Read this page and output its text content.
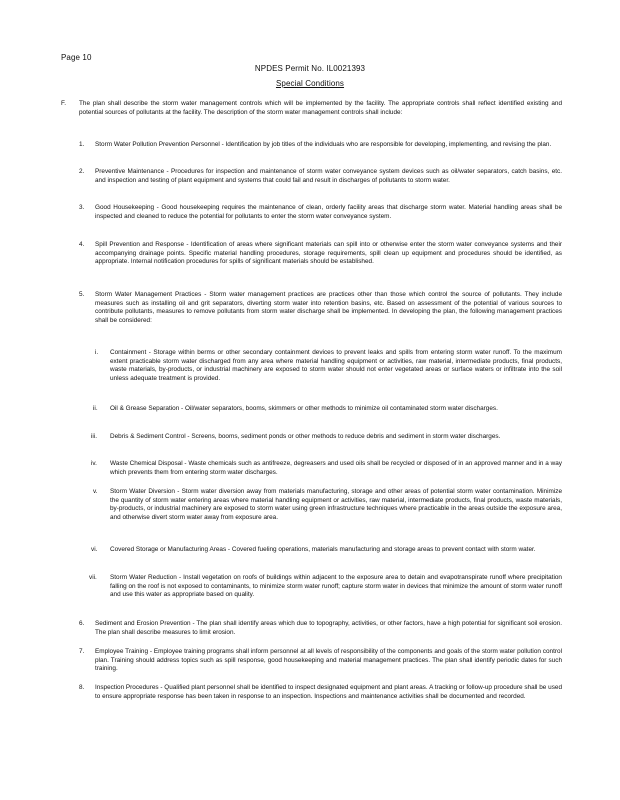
Page 10
NPDES Permit No. IL0021393
Special Conditions
F. The plan shall describe the storm water management controls which will be implemented by the facility. The appropriate controls shall reflect identified existing and potential sources of pollutants at the facility. The description of the storm water management controls shall include:
1. Storm Water Pollution Prevention Personnel - Identification by job titles of the individuals who are responsible for developing, implementing, and revising the plan.
2. Preventive Maintenance - Procedures for inspection and maintenance of storm water conveyance system devices such as oil/water separators, catch basins, etc. and inspection and testing of plant equipment and systems that could fail and result in discharges of pollutants to storm water.
3. Good Housekeeping - Good housekeeping requires the maintenance of clean, orderly facility areas that discharge storm water. Material handling areas shall be inspected and cleaned to reduce the potential for pollutants to enter the storm water conveyance system.
4. Spill Prevention and Response - Identification of areas where significant materials can spill into or otherwise enter the storm water conveyance systems and their accompanying drainage points. Specific material handling procedures, storage requirements, spill clean up equipment and procedures should be identified, as appropriate. Internal notification procedures for spills of significant materials should be established.
5. Storm Water Management Practices - Storm water management practices are practices other than those which control the source of pollutants. They include measures such as installing oil and grit separators, diverting storm water into retention basins, etc. Based on assessment of the potential of various sources to contribute pollutants, measures to remove pollutants from storm water discharge shall be implemented. In developing the plan, the following management practices shall be considered:
i. Containment - Storage within berms or other secondary containment devices to prevent leaks and spills from entering storm water runoff. To the maximum extent practicable storm water discharged from any area where material handling equipment or activities, raw material, intermediate products, final products, waste materials, by-products, or industrial machinery are exposed to storm water should not enter vegetated areas or surface waters or infiltrate into the soil unless adequate treatment is provided.
ii. Oil & Grease Separation - Oil/water separators, booms, skimmers or other methods to minimize oil contaminated storm water discharges.
iii. Debris & Sediment Control - Screens, booms, sediment ponds or other methods to reduce debris and sediment in storm water discharges.
iv. Waste Chemical Disposal - Waste chemicals such as antifreeze, degreasers and used oils shall be recycled or disposed of in an approved manner and in a way which prevents them from entering storm water discharges.
v. Storm Water Diversion - Storm water diversion away from materials manufacturing, storage and other areas of potential storm water contamination. Minimize the quantity of storm water entering areas where material handling equipment or activities, raw material, intermediate products, final products, waste materials, by-products, or industrial machinery are exposed to storm water using green infrastructure techniques where practicable in the areas outside the exposure area, and otherwise divert storm water away from exposure area.
vi. Covered Storage or Manufacturing Areas - Covered fueling operations, materials manufacturing and storage areas to prevent contact with storm water.
vii. Storm Water Reduction - Install vegetation on roofs of buildings within adjacent to the exposure area to detain and evapotranspirate runoff where precipitation falling on the roof is not exposed to contaminants, to minimize storm water runoff; capture storm water in devices that minimize the amount of storm water runoff and use this water as appropriate based on quality.
6. Sediment and Erosion Prevention - The plan shall identify areas which due to topography, activities, or other factors, have a high potential for significant soil erosion. The plan shall describe measures to limit erosion.
7. Employee Training - Employee training programs shall inform personnel at all levels of responsibility of the components and goals of the storm water pollution control plan. Training should address topics such as spill response, good housekeeping and material management practices. The plan shall identify periodic dates for such training.
8. Inspection Procedures - Qualified plant personnel shall be identified to inspect designated equipment and plant areas. A tracking or follow-up procedure shall be used to ensure appropriate response has been taken in response to an inspection. Inspections and maintenance activities shall be documented and recorded.
